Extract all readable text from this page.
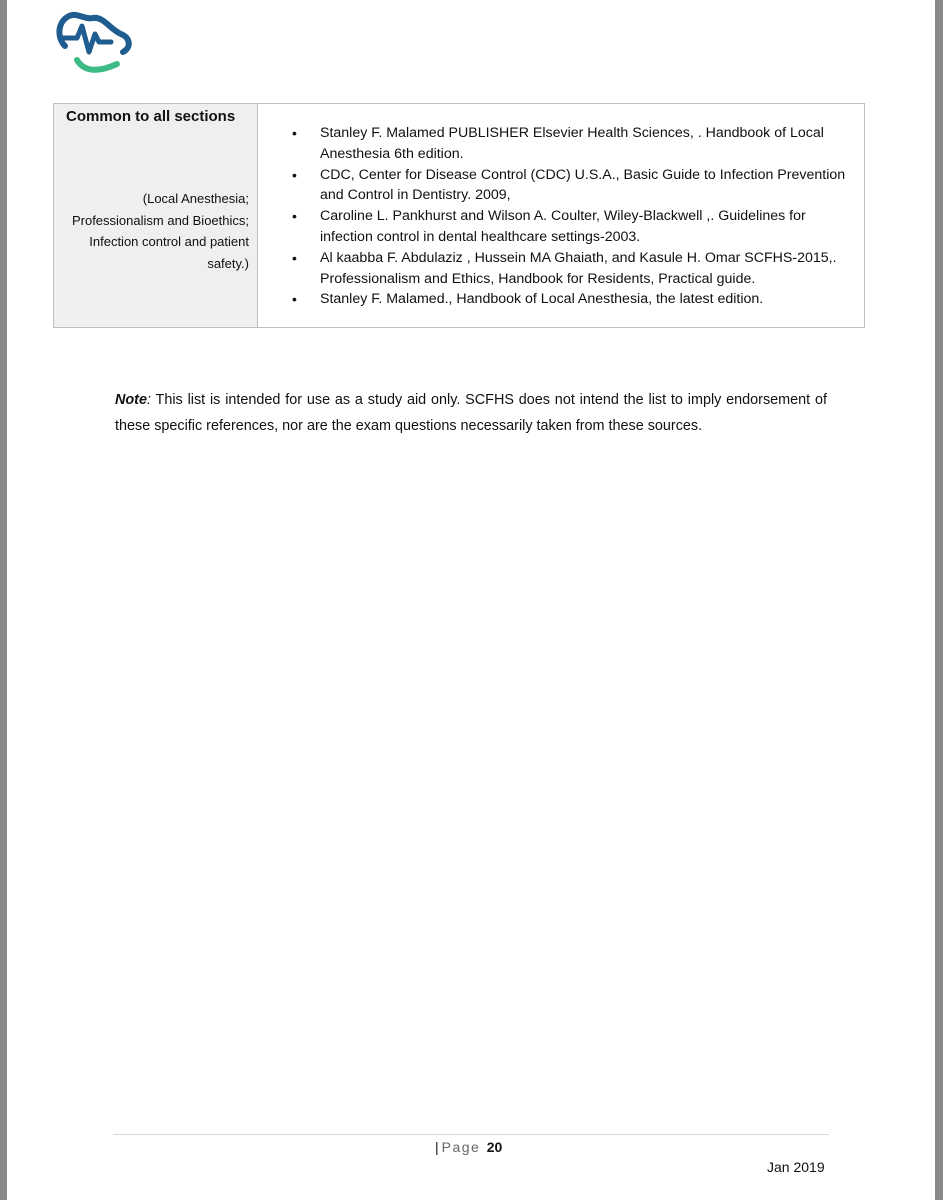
Common to all sections
(Local Anesthesia; Professionalism and Bioethics; Infection control and patient safety.)
• Stanley F. Malamed PUBLISHER Elsevier Health Sciences, . Handbook of Local Anesthesia 6th edition.
• CDC, Center for Disease Control (CDC) U.S.A., Basic Guide to Infection Prevention and Control in Dentistry. 2009,
• Caroline L. Pankhurst and Wilson A. Coulter, Wiley-Blackwell ,. Guidelines for infection control in dental healthcare settings-2003.
• Al kaabba F. Abdulaziz , Hussein MA Ghaiath, and Kasule H. Omar SCFHS-2015,. Professionalism and Ethics, Handbook for Residents, Practical guide.
• Stanley F. Malamed., Handbook of Local Anesthesia, the latest edition.
Note: This list is intended for use as a study aid only. SCFHS does not intend the list to imply endorsement of these specific references, nor are the exam questions necessarily taken from these sources.
| Page 20
Jan 2019
